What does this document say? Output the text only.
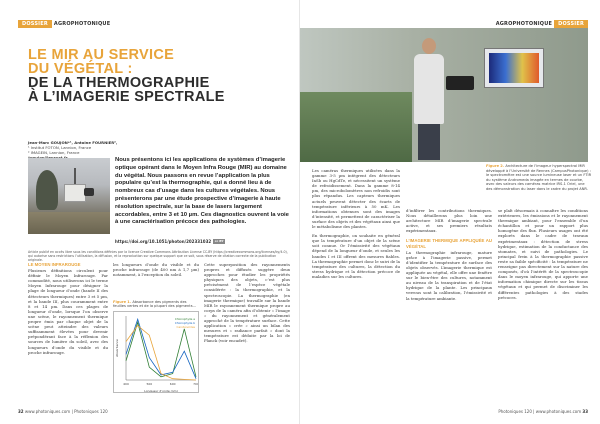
DOSSIER	AGROPHOTONIQUE
LE MIR AU SERVICE
DU VÉGÉTAL :
DE LA THERMOGRAPHIE
À L’IMAGERIE SPECTRALE
Jean-Marc GOUJON*¹, Antoine FOURNIER²,
¹ Institut FOTON, Lannion, France
² IMAGEIN, Lannion, France
Nous présentons ici les applications de systèmes d’imagerie optique opérant dans le Moyen Infra Rouge (MIR) au domaine du végétal. Nous passons en revue l’application la plus populaire qu’est la thermographie, qui a donné lieu à de nombreux cas d’usage dans les cultures végétales. Nous présenterons par une étude prospective d’imagerie à haute résolution spectrale, sur la base de lasers largement accordables, entre 3 et 10 µm. Ces diagnostics ouvrent la voie à une caractérisation précoce des pathologies.
https://doi.org/10.1051/photon/202331032	cc BY
Article publié en accès libre sous les conditions définies par la licence Creative Commons Attribution License CC-BY (https://creativecommons.org/licenses/by/4.0), qui autorise sans restrictions l’utilisation, la diffusion, et la reproduction sur quelque support que ce soit, sous réserve de citation correcte de la publication originale.
LE MOYEN INFRAROUGE
Plusieurs définitions circulent pour définir le Moyen Infrarouge. Par commodité, nous utiliserons ici le terme Moyen Infrarouge pour désigner la plage de longueur d’onde (bande II des détecteurs thermiques) entre 3 et 5 µm, et la bande III, plus couramment entre 8 et 14 µm. Dans ces plages de longueur d’onde, lorsque l’on observe une scène, le rayonnement thermique propre émis par chaque objet de la scène peut atteindre des valeurs suffisamment élevées pour devenir prépondérant face à la réflexion des sources de lumière du soleil, avec des longueurs d’onde du visible et du proche infrarouge.
les longueurs d’onde du visible et du proche infrarouge (de 400 nm à 1,7 µm) notamment, à l’exception du soleil.
Figure 1. Absorbance des pigments des feuilles vertes et de la plupart des pigments...
400	500	600	700
Longueur d’onde (nm)
Absorbance
Chlorophylle a
Chlorophylle b
Caroténoïdes
Cette superposition des rayonnements propres et diffusés suggère deux approches pour étudier les propriétés physiques des objets, c’est plus précisément de l’espèce végétale considérée : la thermographie, et la spectroscopie. La thermographie (en imagerie thermique) travaille sur la bande MIR le rayonnement thermique propre au corps de la caméra afin d’obtenir « l’image » du rayonnement et généralement approché de la température surface. Cette application « crée » ainsi un bilan des mesures et « radiance parfait » dont la température est déduite par la loi de Planck (voir encadré).
32 www.photoniques.com | Photoniques 120
AGROPHOTONIQUE	DOSSIER
Figure 2. Architecture de l’imageur hyperspectral MIR développé à l’Université de Rennes (CampusPhotonique) : le spectromètre est une source lumineuse laser et un FTIR du système Andromeda imagée en termes de courbe, avec des valeurs des caméras matrice IRS-1 Oriel, une des démonstration du laser dans le cadre du projet ANR.
Les caméras thermiques utilisées dans la gamme 3-5 µm intègrent des détecteurs InSb ou HgCdTe, et nécessitent un système de refroidissement. Dans la gamme 8-14 µm, des microbolomètres non refroidis sont plus répandus. Les capteurs thermiques actuels peuvent détecter des écarts de température inférieurs à 50 mK. Les informations obtenues sont des images d’intensité, et permettent de caractériser la surface des objets et des végétaux ainsi que le métabolisme des plantes.
En thermographie, on souhaite en général que la température d’un objet de la scène soit connue. Or l’émissivité des végétaux dépend de la longueur d’onde, et seules les bandes I et III offrent des mesures fiables. La thermographie permet donc le suivi de la température des cultures, la détection du stress hydrique et la détection précoce de maladies sur les cultures.
d’infiltrer les contributions thermiques. Nous détaillerons plus loin une architecture MIR d’imagerie spectrale active, et ses premiers résultats expérimentaux.
L’IMAGERIE THERMIQUE APPLIQUÉE AU VÉGÉTAL
La thermographie infrarouge, mature grâce à l’imagerie passive, permet d’identifier la température de surface des objets observés. L’imagerie thermique est appliquée au végétal, elle offre une fenêtre sur le bien-être des cultures, notamment au niveau de la transpiration et de l’état hydrique de la plante. Les principaux verrous sont la calibration, l’émissivité et la température ambiante.
se plaît désormais à connaître les conditions extérieures, les émissions et le rayonnement thermique ambiant, pour l’ensemble d’un échantillon et pour un rapport plus homogène des flux. Plusieurs usages ont été explorés dans le cadre de travaux expérimentaux : détection de stress hydrique, estimation de la conductance des stomates, et suivi de pathologies. Le principal frein à la thermographie passive reste sa faible spécificité : la température ne renseigne pas directement sur la nature des composés, d’où l’intérêt de la spectroscopie dans le moyen infrarouge, qui apporte une information chimique directe sur les tissus végétaux et qui permet de discriminer les différentes pathologies à des stades précoces.
Photoniques 120 | www.photoniques.com 33
